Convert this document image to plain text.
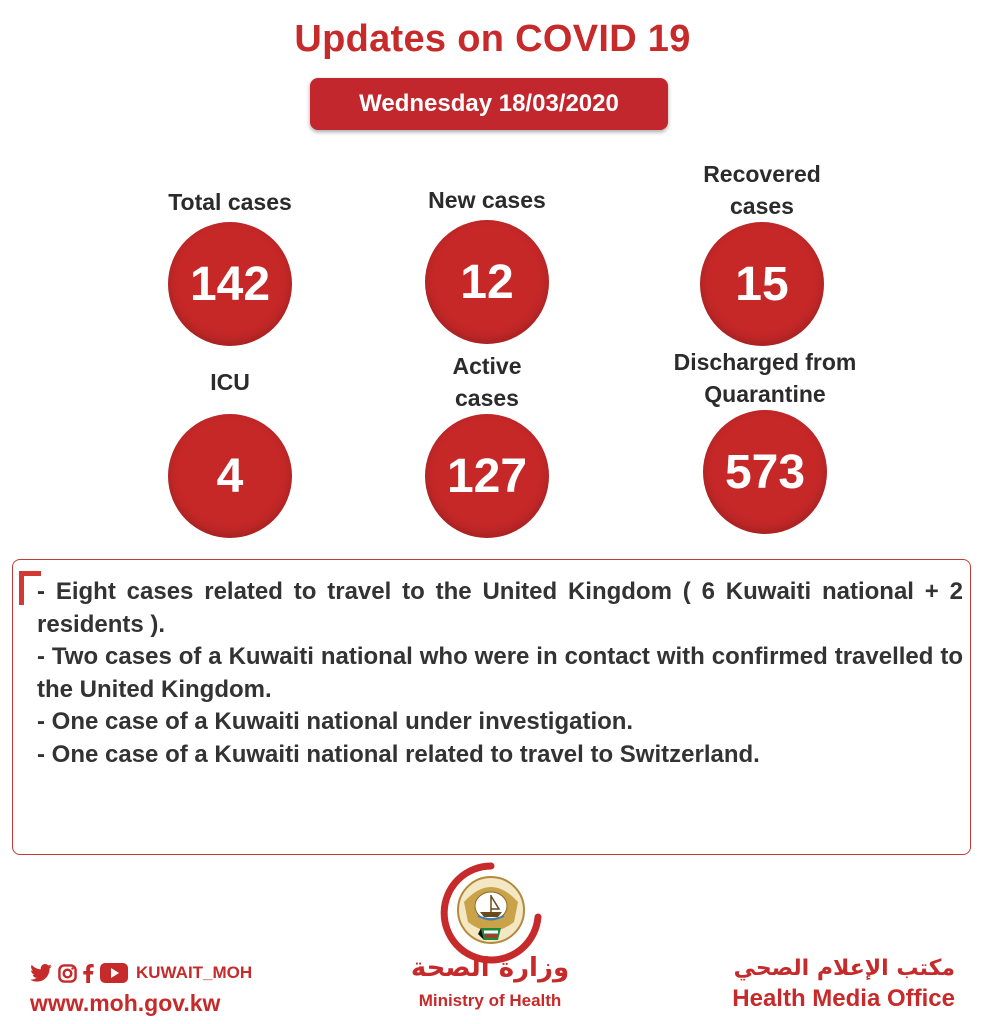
Updates on COVID 19
Wednesday 18/03/2020
Total cases
142
New cases
12
Recovered cases
15
ICU
4
Active cases
127
Discharged from Quarantine
573
- Eight cases related to travel to the United Kingdom ( 6 Kuwaiti national + 2 residents ).
- Two cases of a Kuwaiti national who were in contact with confirmed travelled to the United Kingdom.
- One case of a Kuwaiti national under investigation.
- One case of a Kuwaiti national related to travel to Switzerland.
KUWAIT_MOH
www.moh.gov.kw
وزارة الصحة
Ministry of Health
مكتب الإعلام الصحي
Health Media Office
